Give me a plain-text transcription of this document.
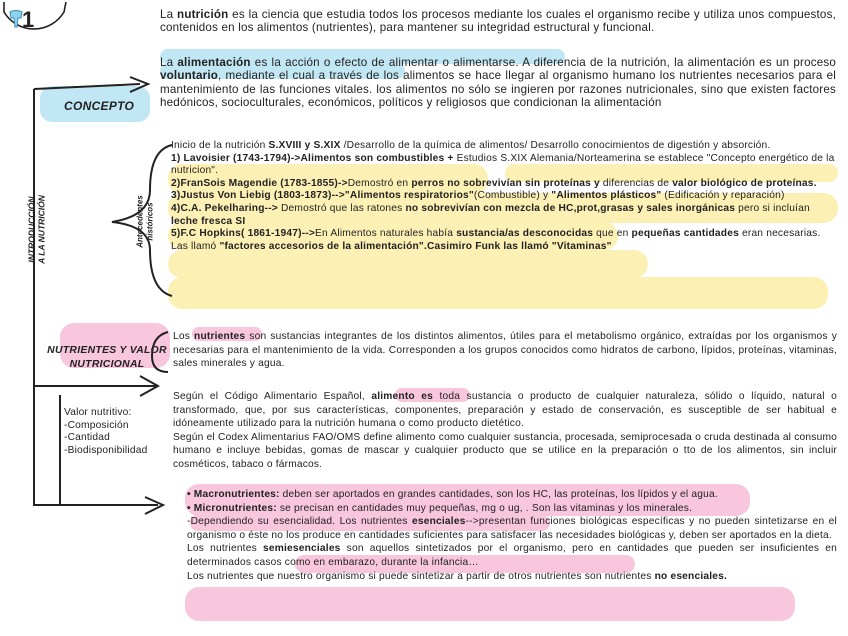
1
CONCEPTO
INTRODUCCIÓN
A LA NUTRICIÓN	Antecedentes
históricos
NUTRIENTES Y VALOR
NUTRICIONAL
Valor nutritivo:
-Composición
-Cantidad
-Biodisponibilidad
La nutrición es la ciencia que estudia todos los procesos mediante los cuales el organismo recibe y utiliza unos compuestos, contenidos en los alimentos (nutrientes), para mantener su integridad estructural y funcional.
La alimentación es la acción o efecto de alimentar o alimentarse. A diferencia de la nutrición, la alimentación es un proceso voluntario, mediante el cual a través de los alimentos se hace llegar al organismo humano los nutrientes necesarios para el mantenimiento de las funciones vitales. los alimentos no sólo se ingieren por razones nutricionales, sino que existen factores hedónicos, socioculturales, económicos, políticos y religiosos que condicionan la alimentación
Inicio de la nutrición S.XVIII y S.XIX /Desarrollo de la química de alimentos/ Desarrollo conocimientos de digestión y absorción.
1) Lavoisier (1743-1794)->Alimentos son combustibles + Estudios S.XIX Alemania/Norteamerina se establece "Concepto energético de la nutricion".
2)FranSois Magendie (1783-1855)->Demostró en perros no sobrevivían sin proteínas y diferencias de valor biológico de proteínas.
3)Justus Von Liebig (1803-1873)-->"Alimentos respiratorios"(Combustible) y "Alimentos plásticos" (Edificación y reparación)
4)C.A. Pekelharing--> Demostró que las ratones no sobrevivían con mezcla de HC,prot,grasas y sales inorgánicas pero si incluían leche fresca SI
5)F.C Hopkins( 1861-1947)-->En Alimentos naturales había sustancia/as desconocidas que en pequeñas cantidades eran necesarias. Las llamó "factores accesorios de la alimentación".Casimiro Funk las llamó "Vitaminas"
Los nutrientes son sustancias integrantes de los distintos alimentos, útiles para el metabolismo orgánico, extraídas por los organismos y necesarias para el mantenimiento de la vida. Corresponden a los grupos conocidos como hidratos de carbono, lípidos, proteínas, vitaminas, sales minerales y agua.
Según el Código Alimentario Español, alimento es toda sustancia o producto de cualquier naturaleza, sólido o líquido, natural o transformado, que, por sus características, componentes, preparación y estado de conservación, es susceptible de ser habitual e idóneamente utilizado para la nutrición humana o como producto dietético.
Según el Codex Alimentarius FAO/OMS define alimento como cualquier sustancia, procesada, semiprocesada o cruda destinada al consumo humano e incluye bebidas, gomas de mascar y cualquier producto que se utilice en la preparación o tto de los alimentos, sin incluir cosméticos, tabaco o fármacos.
• Macronutrientes: deben ser aportados en grandes cantidades, son los HC, las proteínas, los lípidos y el agua.
• Micronutrientes: se precisan en cantidades muy pequeñas, mg o ug, . Son las vitaminas y los minerales.
-Dependiendo su esencialidad. Los nutrientes esenciales-->presentan funciones biológicas específicas y no pueden sintetizarse en el organismo o éste no los produce en cantidades suficientes para satisfacer las necesidades biológicas y, deben ser aportados en la dieta.
Los nutrientes semiesenciales son aquellos sintetizados por el organismo, pero en cantidades que pueden ser insuficientes en determinados casos como en embarazo, durante la infancia…
Los nutrientes que nuestro organismo si puede sintetizar a partir de otros nutrientes son nutrientes no esenciales.
